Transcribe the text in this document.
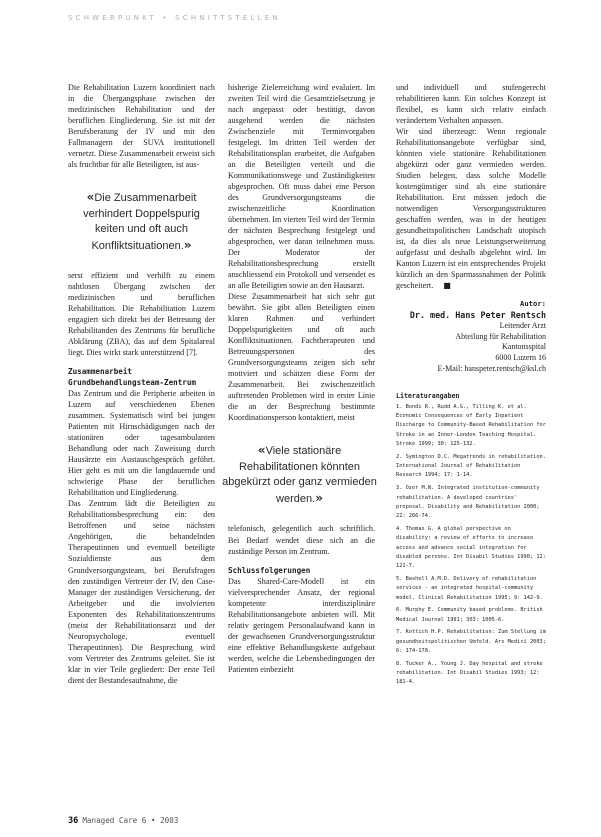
SCHWERPUNKT • SCHNITTSTELLEN

Die Rehabilitation Luzern koordiniert nach in die Übergangsphase zwischen der medizinischen Rehabilitation und der beruflichen Eingliederung. Sie ist mit der Berufsberatung der IV und mit den Fallmanagern der SUVA institutionell vernetzt. Diese Zusammenarbeit erweist sich als fruchtbar für alle Beteiligten, ist aus-

«Die Zusammenarbeit verhindert Doppelspurig keiten und oft auch Konfliktsituationen.»

serst effizient und verhilft zu einem nahtlosen Übergang zwischen der medizinischen und beruflichen Rehabilitation. Die Rehabilitation Luzern engagiert sich direkt bei der Betreuung der Rehabilitanden des Zentrums für berufliche Abklärung (ZBA), das auf dem Spitalareal liegt. Dies wirkt stark unterstützend [7].

Zusammenarbeit Grundbehandlungsteam-Zentrum

Das Zentrum und die Peripherie arbeiten in Luzern auf verschiedenen Ebenen zusammen. Systematisch wird bei jungen Patienten mit Hirnschädigungen nach der stationären oder tagesambulanten Behandlung oder nach Zuweisung durch Hausärzte ein Austauschgespräch geführt. Hier geht es mit um die langdauernde und schwierige Phase der beruflichen Rehabilitation und Eingliederung.

Das Zentrum lädt die Beteiligten zu Rehabilitationsbesprechung ein: den Betroffenen und seine nächsten Angehörigen, die behandelnden Therapeutinnen und eventuell beteiligte Sozialdienste aus dem Grundversorgungsteam, bei Berufsfragen den zuständigen Vertreter der IV, den Case-Manager der zuständigen Versicherung, der Arbeitgeber und die involvierten Exponenten des Rehabilitationszentrums (meist der Rehabilitationsarzt und der Neuropsychologe, eventuell Therapeutinnen). Die Besprechung wird vom Vertreter des Zentrums geleitet. Sie ist klar in vier Teile gegliedert: Der erste Teil dient der Bestandesaufnahme, die

bisherige Zielerreichung wird evaluiert. Im zweiten Teil wird die Gesamtzielsetzung je nach angepasst oder bestätigt, davon ausgehend werden die nächsten Zwischenziele mit Terminvorgaben festgelegt. Im dritten Teil werden der Rehabilitationsplan erarbeitet, die Aufgaben an die Beteiligten verteilt und die Kommunikationswege und Zuständigkeiten abgesprochen. Oft muss dabei eine Person des Grundversorgungsteams die zwischenzeitliche Koordination übernehmen. Im vierten Teil wird der Termin der nächsten Besprechung festgelegt und abgesprochen, wer daran teilnehmen muss. Der Moderator der Rehabilitationsbesprechung erstellt anschliessend ein Protokoll und versendet es an alle Beteiligten sowie an den Hausarzt.

Diese Zusammenarbeit hat sich sehr gut bewährt. Sie gibt allen Beteiligten einen klaren Rahmen und verhindert Doppelspurigkeiten und oft auch Konfliktsituationen. Fachtherapeuten und Betreuungspersonen des Grundversorgungsteams zeigen sich sehr motiviert und schätzen diese Form der Zusammenarbeit. Bei zwischenzeitlich auftretenden Problemen wird in erster Linie die an der Besprechung bestimmte Koordinationsperson kontaktiert, meist

«Viele stationäre Rehabilitationen könnten abgekürzt oder ganz vermieden werden.»

telefonisch, gelegentlich auch schriftlich. Bei Bedarf wendet diese sich an die zuständige Person im Zentrum.

Schlussfolgerungen

Das Shared-Care-Modell ist ein vielversprechender Ansatz, der regional kompetente interdisziplinäre Rehabilitationsangebote anbieten will. Mit relativ geringem Personalaufwand kann in der gewachsenen Grundversorgungsstruktur eine effektive Behandlungskette aufgebaut werden, welche die Lebensbedingungen der Patienten einbezieht

und individuell und stufengerecht rehabilitieren kann. Ein solches Konzept ist flexibel, es kann sich relativ einfach verändertem Verhalten anpassen.

Wir sind überzeugt: Wenn regionale Rehabilitationsangebote verfügbar sind, könnten viele stationäre Rehabilitationen abgekürzt oder ganz vermieden werden. Studien belegen, dass solche Modelle kostengünstiger sind als eine stationäre Rehabilitation. Erst müssen jedoch die notwendigen Versorgungsstrukturen geschaffen werden, was in der heutigen gesundheitspolitischen Landschaft utopisch ist, da dies als neue Leistungserweiterung aufgefasst und deshalb abgelehnt wird. Im Kanton Luzern ist ein entsprechendes Projekt kürzlich an den Sparmassnahmen der Politik gescheitert. ■

Autor:
Dr. med. Hans Peter Rentsch
Leitender Arzt
Abteilung für Rehabilitation
Kantonsspital
6000 Luzern 16
E-Mail: hanspeter.rentsch@ksl.ch
Literaturangaben
1. Bondi R., Rudd A.G., Tilling K. et al. Economic Consequences of Early Inpatient Discharge to Community-Based Rehabilitation for Stroke in an Inner-London Teaching Hospital. Stroke 1999; 30: 125-132.
2. Symington D.C. Megatrends in rehabilitation. International Journal of Rehabilitation Research 1994; 17: 1-14.
3. Ozer M.N. Integrated institution-community rehabilitation. A developed countries' proposal. Disability and Rehabilitation 2000; 22: 266-74.
4. Thomas G. A global perspective on disability: a review of efforts to increase access and advance social integration for disabled persons. Int Disabil Studies 1990; 12: 121-7.
5. Bashell A.M.D. Delivery of rehabilitation services - an integrated hospital-community model. Clinical Rehabilitation 1995; 9: 142-9.
6. Murphy E. Community based problems. British Medical Journal 1991; 303: 1005-6.
7. Kottich H.P. Rehabilitation: Zum Stellung im gesundheitspolitischen Umfeld. Ars Medici 2003; 6: 174-178.
8. Tucker A., Young J. Day hospital and stroke rehabilitation. Int Disabil Studies 1993; 12: 181-4.
36 Managed Care 6 • 2003
